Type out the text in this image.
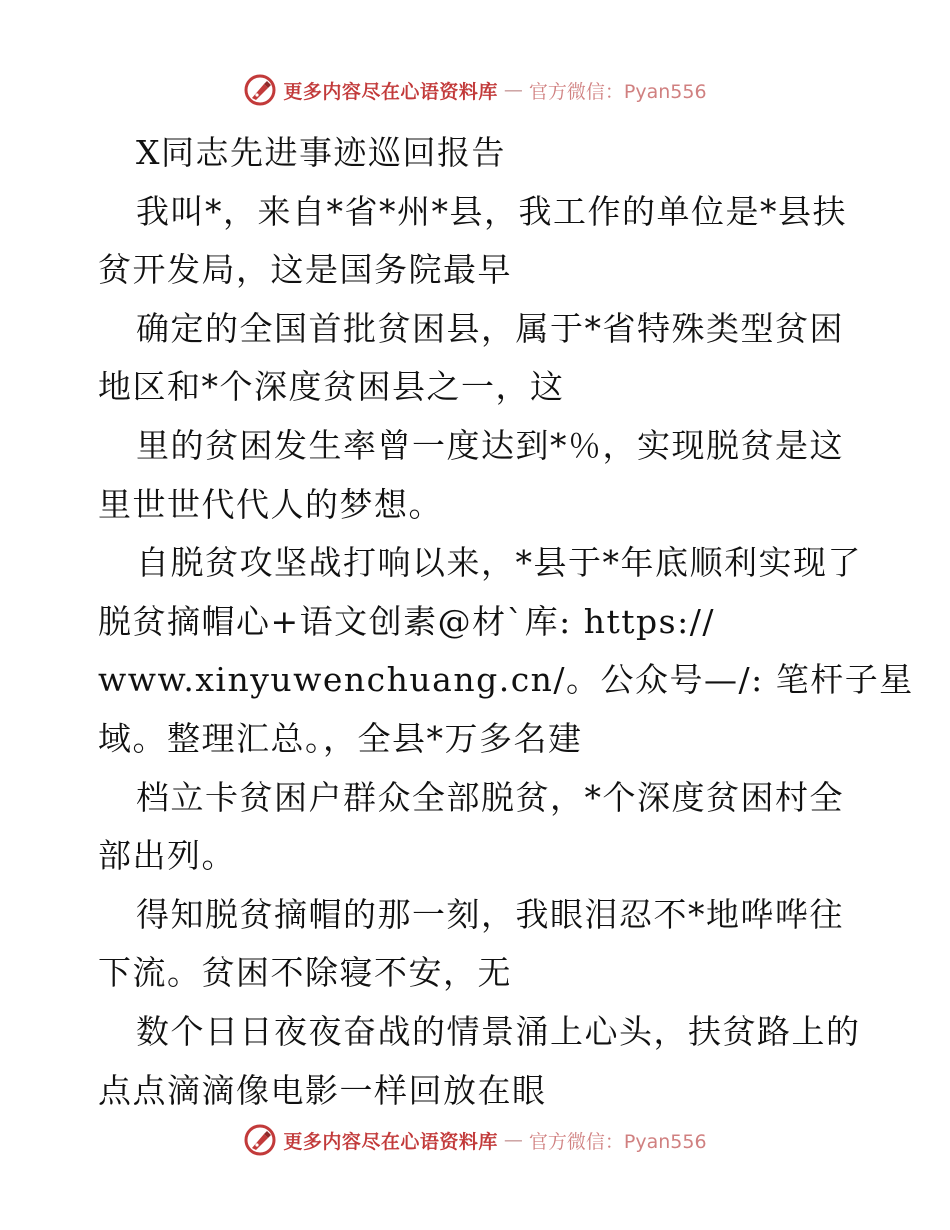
更多内容尽在心语资料库 — 官方微信：Pyan556
X同志先进事迹巡回报告
我叫*，来自*省*州*县，我工作的单位是*县扶
贫开发局，这是国务院最早
确定的全国首批贫困县，属于*省特殊类型贫困
地区和*个深度贫困县之一，这
里的贫困发生率曾一度达到*％，实现脱贫是这
里世世代代人的梦想。
自脱贫攻坚战打响以来，*县于*年底顺利实现了
脱贫摘帽心+语文创素@材`库: https://
www.xinyuwenchuang.cn/。公众号—/: 笔杆子星
域。整理汇总。，全县*万多名建
档立卡贫困户群众全部脱贫，*个深度贫困村全
部出列。
得知脱贫摘帽的那一刻，我眼泪忍不*地哗哗往
下流。贫困不除寝不安，无
数个日日夜夜奋战的情景涌上心头，扶贫路上的
点点滴滴像电影一样回放在眼
更多内容尽在心语资料库 — 官方微信：Pyan556
